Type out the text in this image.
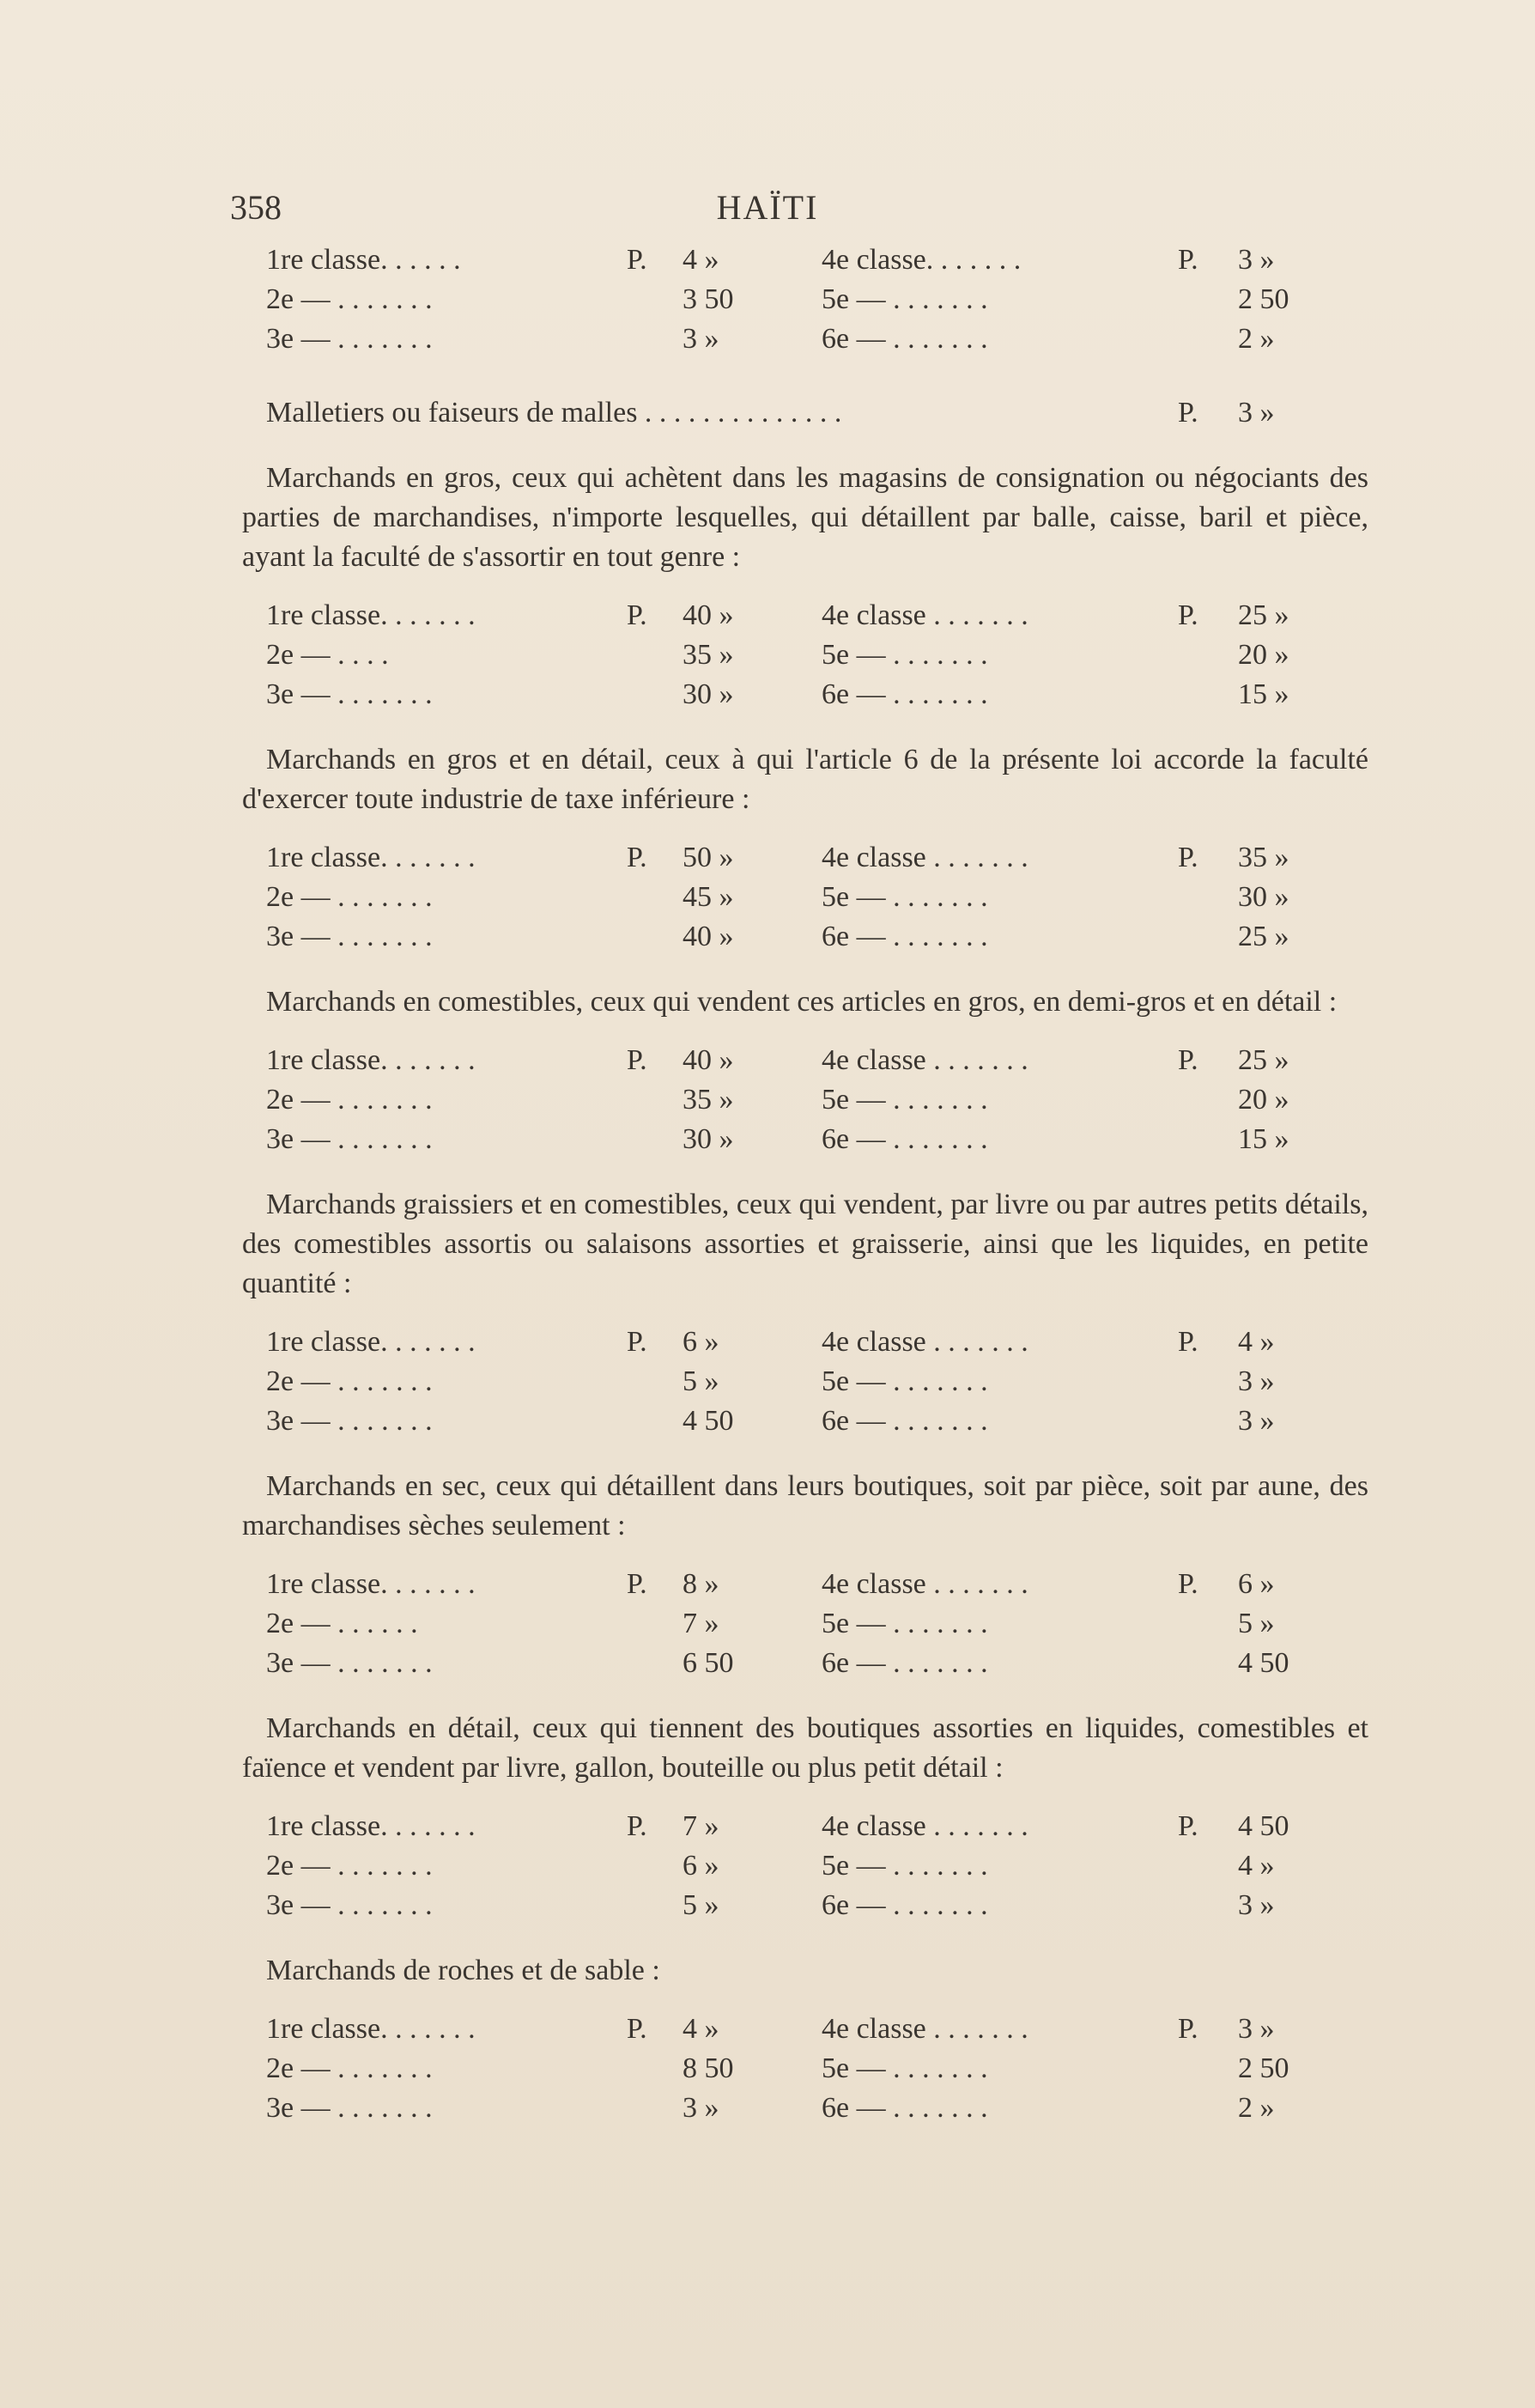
358	HAÏTI
1re classe. . . . . .	P. 4 »	4e classe. . . . . . .	P. 3 »
2e — . . . . . . .	3 50	5e — . . . . . . .	2 50
3e — . . . . . . .	3 »	6e — . . . . . . .	2 »
Malletiers ou faiseurs de malles . . . . . . . . . . . . . .	P. 3 »

Marchands en gros, ceux qui achètent dans les magasins de consignation ou négociants des parties de marchandises, n'importe lesquelles, qui détaillent par balle, caisse, baril et pièce, ayant la faculté de s'assortir en tout genre :

1re classe. . . . . . .	P. 40 »	4e classe . . . . . . .	P. 25 »
2e — . . . .	35 »	5e — . . . . . . .	20 »
3e — . . . . . . .	30 »	6e — . . . . . . .	15 »

Marchands en gros et en détail, ceux à qui l'article 6 de la présente loi accorde la faculté d'exercer toute industrie de taxe inférieure :

1re classe. . . . . . .	P. 50 »	4e classe . . . . . . .	P. 35 »
2e — . . . . . . .	45 »	5e — . . . . . . .	30 »
3e — . . . . . . .	40 »	6e — . . . . . . .	25 »

Marchands en comestibles, ceux qui vendent ces articles en gros, en demi-gros et en détail :

1re classe. . . . . . .	P. 40 »	4e classe . . . . . . .	P. 25 »
2e — . . . . . . .	35 »	5e — . . . . . . .	20 »
3e — . . . . . . .	30 »	6e — . . . . . . .	15 »

Marchands graissiers et en comestibles, ceux qui vendent, par livre ou par autres petits détails, des comestibles assortis ou salaisons assorties et graisserie, ainsi que les liquides, en petite quantité :

1re classe. . . . . . .	P. 6 »	4e classe . . . . . . .	P. 4 »
2e — . . . . . . .	5 »	5e — . . . . . . .	3 »
3e — . . . . . . .	4 50	6e — . . . . . . .	3 »

Marchands en sec, ceux qui détaillent dans leurs boutiques, soit par pièce, soit par aune, des marchandises sèches seulement :

1re classe. . . . . . .	P. 8 »	4e classe . . . . . . .	P. 6 »
2e — . . . . . .	7 »	5e — . . . . . . .	5 »
3e — . . . . . . .	6 50	6e — . . . . . . .	4 50

Marchands en détail, ceux qui tiennent des boutiques assorties en liquides, comestibles et faïence et vendent par livre, gallon, bouteille ou plus petit détail :

1re classe. . . . . . .	P. 7 »	4e classe . . . . . . .	P. 4 50
2e — . . . . . . .	6 »	5e — . . . . . . .	4 »
3e — . . . . . . .	5 »	6e — . . . . . . .	3 »

Marchands de roches et de sable :

1re classe. . . . . . .	P. 4 »	4e classe . . . . . . .	P. 3 »
2e — . . . . . . .	8 50	5e — . . . . . . .	2 50
3e — . . . . . . .	3 »	6e — . . . . . . .	2 »
